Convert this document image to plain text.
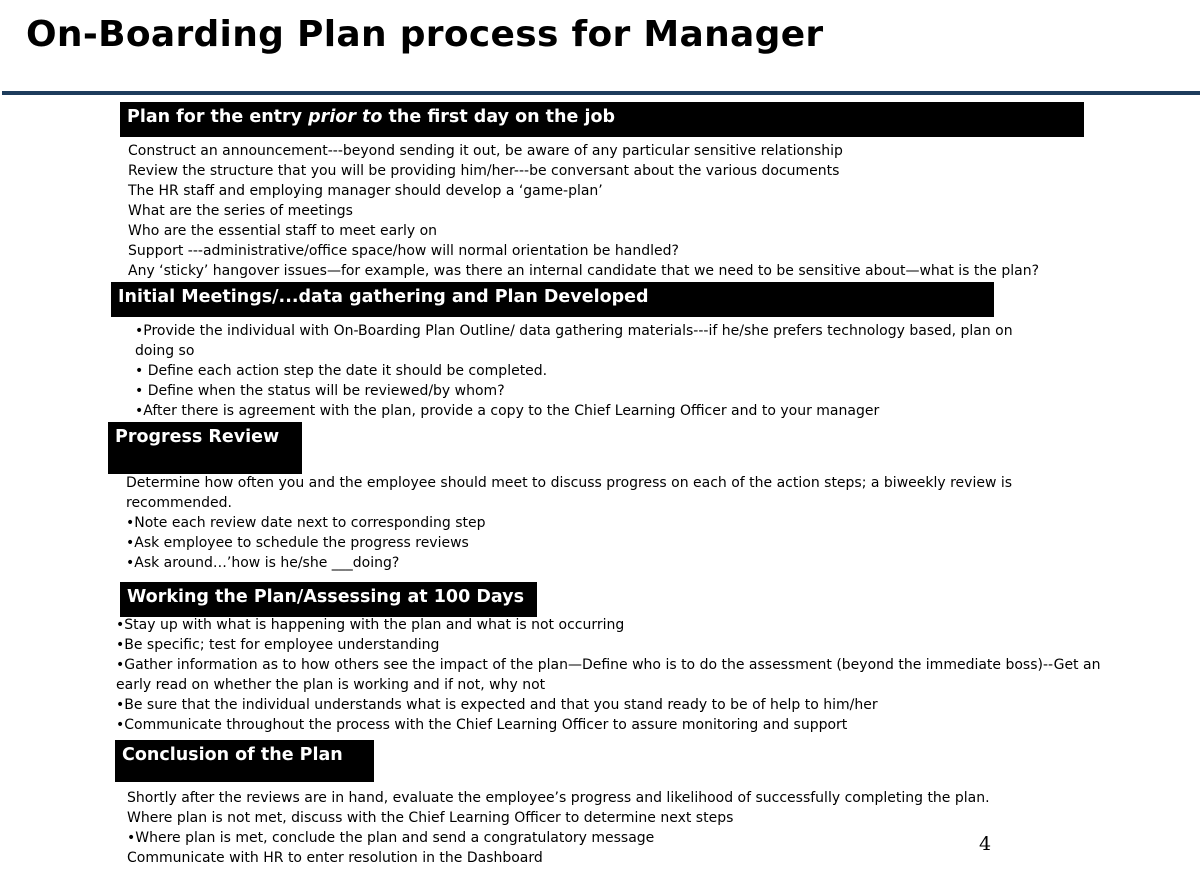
On-Boarding Plan process for Manager
Plan for the entry prior to the first day on the job
Construct an announcement---beyond sending it out, be aware of any particular sensitive relationship
Review the structure that you will be providing him/her---be conversant about the various documents
The HR staff and employing manager should develop a ‘game-plan’
What are the series of meetings
Who are the essential staff to meet early on
Support ---administrative/office space/how will normal orientation be handled?
Any ‘sticky’ hangover issues—for example, was there an internal candidate that we need to be sensitive about—what is the plan?
Initial Meetings/...data gathering and Plan Developed
•Provide the individual with On-Boarding Plan Outline/ data gathering materials---if he/she prefers technology based, plan on
doing so
• Define each action step the date it should be completed.
• Define when the status will be reviewed/by whom?
•After there is agreement with the plan, provide a copy to the Chief Learning Officer and to your manager
Progress Review
Determine how often you and the employee should meet to discuss progress on each of the action steps; a biweekly review is
recommended.
•Note each review date next to corresponding step
•Ask employee to schedule the progress reviews
•Ask around…’how is he/she ___doing?
Working the Plan/Assessing at 100 Days
•Stay up with what is happening with the plan and what is not occurring
•Be specific; test for employee understanding
•Gather information as to how others see the impact of the plan—Define who is to do the assessment (beyond the immediate boss)--Get an
early read on whether the plan is working and if not, why not
•Be sure that the individual understands what is expected and that you stand ready to be of help to him/her
•Communicate throughout the process with the Chief Learning Officer to assure monitoring and support
Conclusion of the Plan
Shortly after the reviews are in hand, evaluate the employee’s progress and likelihood of successfully completing the plan.
Where plan is not met, discuss with the Chief Learning Officer to determine next steps
•Where plan is met, conclude the plan and send a congratulatory message
Communicate with HR to enter resolution in the Dashboard
4
